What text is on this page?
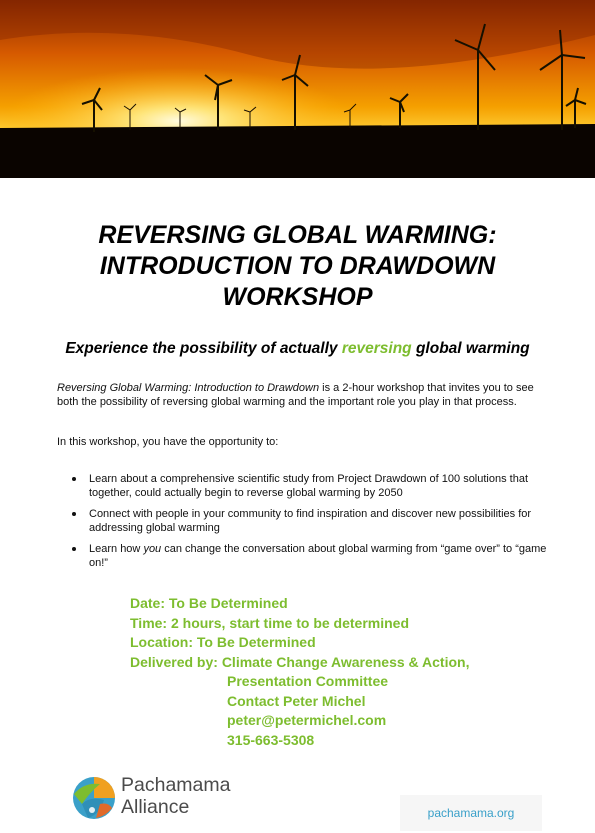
REVERSING GLOBAL WARMING:
INTRODUCTION TO DRAWDOWN
WORKSHOP
Experience the possibility of actually reversing global warming
Reversing Global Warming: Introduction to Drawdown is a 2-hour workshop that invites you to see both the possibility of reversing global warming and the important role you play in that process.
In this workshop, you have the opportunity to:
Learn about a comprehensive scientific study from Project Drawdown of 100 solutions that together, could actually begin to reverse global warming by 2050
Connect with people in your community to find inspiration and discover new possibilities for addressing global warming
Learn how you can change the conversation about global warming from “game over” to “game on!”
Date: To Be Determined
Time: 2 hours, start time to be determined
Location: To Be Determined
Delivered by: Climate Change Awareness & Action,
Presentation Committee
Contact Peter Michel
peter@petermichel.com
315-663-5308
Pachamama
Alliance	pachamama.org
